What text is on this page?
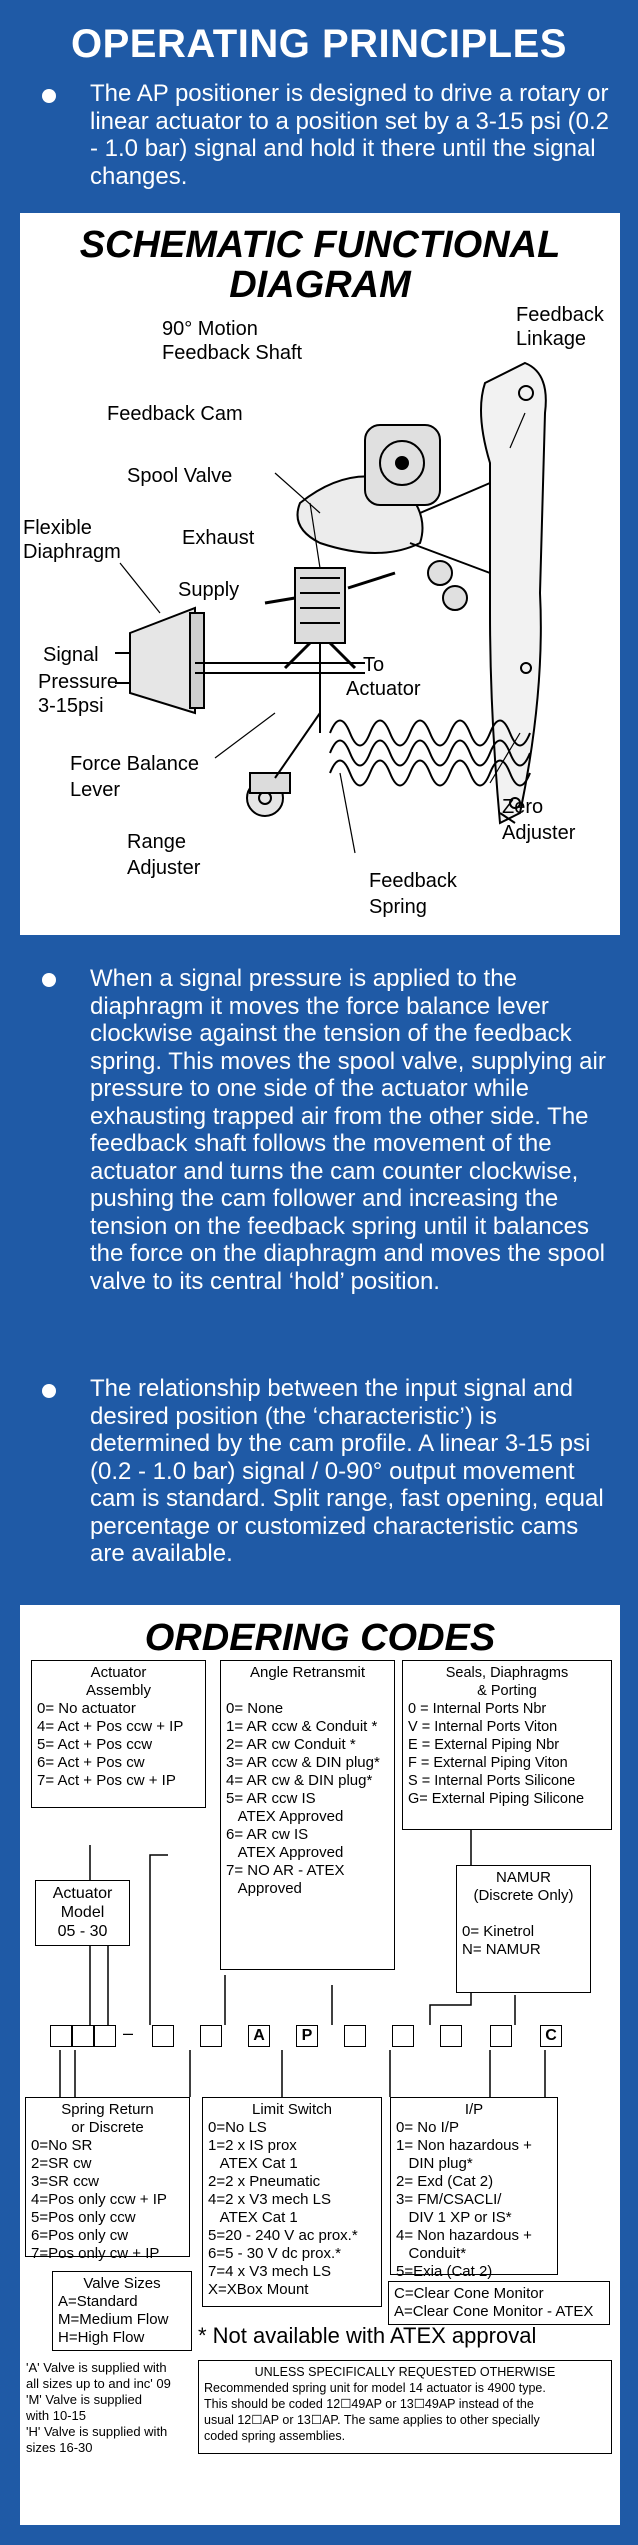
OPERATING PRINCIPLES
The AP positioner is designed to drive a rotary or linear actuator to a position set by a 3-15 psi (0.2 - 1.0 bar) signal and hold it there until the signal changes.
SCHEMATIC FUNCTIONAL
DIAGRAM
90° Motion
Feedback Shaft
Feedback
Linkage
Feedback Cam
Spool Valve
Flexible
Diaphragm
Exhaust
Supply
Signal
Pressure
3-15psi
To
Actuator
Force Balance
Lever
Zero
Adjuster
Range
Adjuster
Feedback
Spring
When a signal pressure is applied to the diaphragm it moves the force balance lever clockwise against the tension of the feedback spring. This moves the spool valve, supplying air pressure to one side of the actuator while exhausting trapped air from the other side. The feedback shaft follows the movement of the actuator and turns the cam counter clockwise, pushing the cam follower and increasing the tension on the feedback spring until it balances the force on the diaphragm and moves the spool valve to its central ‘hold’ position.
The relationship between the input signal and desired position (the ‘characteristic’) is determined by the cam profile. A linear 3-15 psi (0.2 - 1.0 bar) signal / 0-90° output movement cam is standard. Split range, fast opening, equal percentage or customized characteristic cams are available.
ORDERING CODES
Actuator
Assembly
0= No actuator
4= Act + Pos ccw + IP
5= Act + Pos ccw
6= Act + Pos cw
7= Act + Pos cw + IP
Angle Retransmit
0= None
1= AR ccw & Conduit *
2= AR cw Conduit *
3= AR ccw & DIN plug*
4= AR cw & DIN plug*
5= AR ccw IS
ATEX Approved
6= AR cw IS
ATEX Approved
7= NO AR - ATEX
Approved
Seals, Diaphragms
& Porting
0 = Internal Ports Nbr
V = Internal Ports Viton
E = External Piping Nbr
F = External Piping Viton
S = Internal Ports Silicone
G= External Piping Silicone
Actuator
Model
05 - 30
NAMUR
(Discrete Only)
0= Kinetrol
N= NAMUR
–	A	P	C
Spring Return
or Discrete
0=No SR
2=SR cw
3=SR ccw
4=Pos only ccw + IP
5=Pos only ccw
6=Pos only cw
7=Pos only cw + IP
Limit Switch
0=No LS
1=2 x IS prox
ATEX Cat 1
2=2 x Pneumatic
4=2 x V3 mech LS
ATEX Cat 1
5=20 - 240 V ac prox.*
6=5 - 30 V dc prox.*
7=4 x V3 mech LS
X=XBox Mount
I/P
0= No I/P
1= Non hazardous +
DIN plug*
2= Exd (Cat 2)
3= FM/CSACLI/
DIV 1 XP or IS*
4= Non hazardous +
Conduit*
5=Exia (Cat 2)
Valve Sizes
A=Standard
M=Medium Flow
H=High Flow
C=Clear Cone Monitor
A=Clear Cone Monitor - ATEX
* Not available with ATEX approval
'A' Valve is supplied with
all sizes up to and inc' 09
'M' Valve is supplied
with 10-15
'H' Valve is supplied with
sizes 16-30
UNLESS SPECIFICALLY REQUESTED OTHERWISE
Recommended spring unit for model 14 actuator is 4900 type.
This should be coded 12☐49AP or 13☐49AP instead of the
usual 12☐AP or 13☐AP. The same applies to other specially
coded spring assemblies.
